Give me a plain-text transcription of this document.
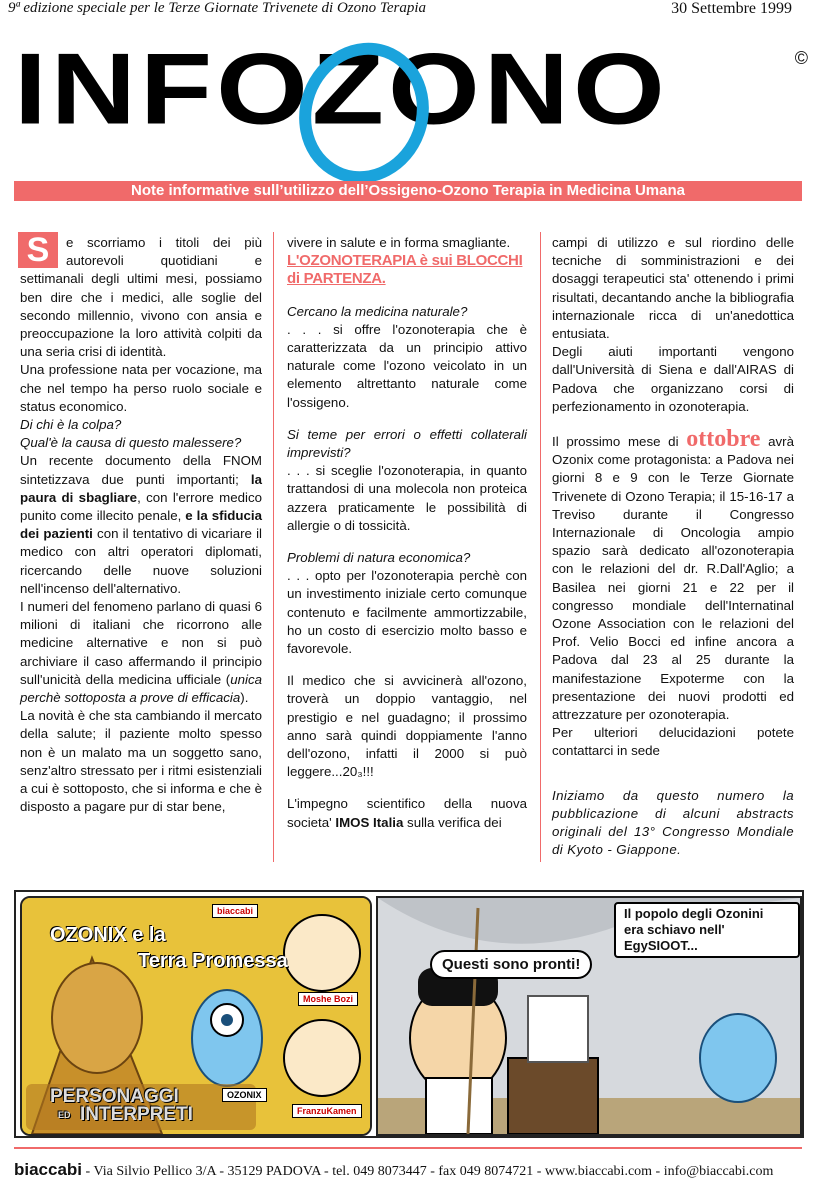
9ª edizione speciale per le Terze Giornate Trivenete di Ozono Terapia	30 Settembre 1999
INFOZONO	©
Note informative sull’utilizzo dell’Ossigeno-Ozono Terapia in Medicina Umana

S	e scorriamo i titoli dei più autorevoli quotidiani e settimanali degli ultimi mesi, possiamo ben dire che i medici, alle soglie del secondo millennio, vivono con ansia e preoccupazione la loro attività colpiti da una seria crisi di identità.

Una professione nata per vocazione, ma che nel tempo ha perso ruolo sociale e status economico.

Di chi è la colpa?

Qual'è la causa di questo malessere?

Un recente documento della FNOM sintetizzava due punti importanti; la paura di sbagliare, con l'errore medico punito come illecito penale, e la sfiducia dei pazienti con il tentativo di vicariare il medico con altri operatori diplomati, ricercando delle nuove soluzioni nell'incenso dell'alternativo.

I numeri del fenomeno parlano di quasi 6 milioni di italiani che ricorrono alle medicine alternative e non si può archiviare il caso affermando il principio sull'unicità della medicina ufficiale (unica perchè sottoposta a prove di efficacia).

La novità è che sta cambiando il mercato della salute; il paziente molto spesso non è un malato ma un soggetto sano, senz'altro stressato per i ritmi esistenziali a cui è sottoposto, che si informa e che è disposto a pagare pur di star bene,

vivere in salute e in forma smagliante.

L'OZONOTERAPIA è sui BLOCCHI di PARTENZA.

Cercano la medicina naturale?

. . . si offre l'ozonoterapia che è caratterizzata da un principio attivo naturale come l'ozono veicolato in un elemento altrettanto naturale come l'ossigeno.

Si teme per errori o effetti collaterali imprevisti?

. . . si sceglie l'ozonoterapia, in quanto trattandosi di una molecola non proteica azzera praticamente le possibilità di allergie o di tossicità.

Problemi di natura economica?

. . . opto per l'ozonoterapia perchè con un investimento iniziale certo comunque contenuto e facilmente ammortizzabile, ho un costo di esercizio molto basso e favorevole.

Il medico che si avvicinerà all'ozono, troverà un doppio vantaggio, nel prestigio e nel guadagno; il prossimo anno sarà quindi doppiamente l'anno dell'ozono, infatti il 2000 si può leggere...20₃!!!

L'impegno scientifico della nuova societa' IMOS Italia sulla verifica dei

campi di utilizzo e sul riordino delle tecniche di somministrazioni e dei dosaggi terapeutici sta' ottenendo i primi risultati, decantando anche la bibliografia internazionale ricca di un'anedottica entusiata.

Degli aiuti importanti vengono dall'Università di Siena e dall'AIRAS di Padova che organizzano corsi di perfezionamento in ozonoterapia.

Il prossimo mese di ottobre avrà Ozonix come protagonista: a Padova nei giorni 8 e 9 con le Terze Giornate Trivenete di Ozono Terapia; il 15-16-17 a Treviso durante il Congresso Internazionale di Oncologia ampio spazio sarà dedicato all'ozonoterapia con le relazioni del dr. R.Dall'Aglio; a Basilea nei giorni 21 e 22 per il congresso mondiale dell'Internatinal Ozone Association con le relazioni del Prof. Velio Bocci ed infine ancora a Padova dal 23 al 25 durante la manifestazione Expoterme con la presentazione dei nuovi prodotti ed attrezzature per ozonoterapia.

Per ulteriori delucidazioni potete contattarci in sede

Iniziamo da questo numero la pubblicazione di alcuni abstracts originali del 13° Congresso Mondiale di Kyoto - Giappone.

OZONIX e la
Terra Promessa
biaccabi
Moshe Bozi
FranzuKamen
OZONIX
PERSONAGGI
ED INTERPRETI
Questi sono pronti!
Il popolo degli Ozonini
era schiavo nell' EgySIOOT...
biaccabi - Via Silvio Pellico 3/A - 35129 PADOVA - tel. 049 8073447 - fax 049 8074721 - www.biaccabi.com - info@biaccabi.com
